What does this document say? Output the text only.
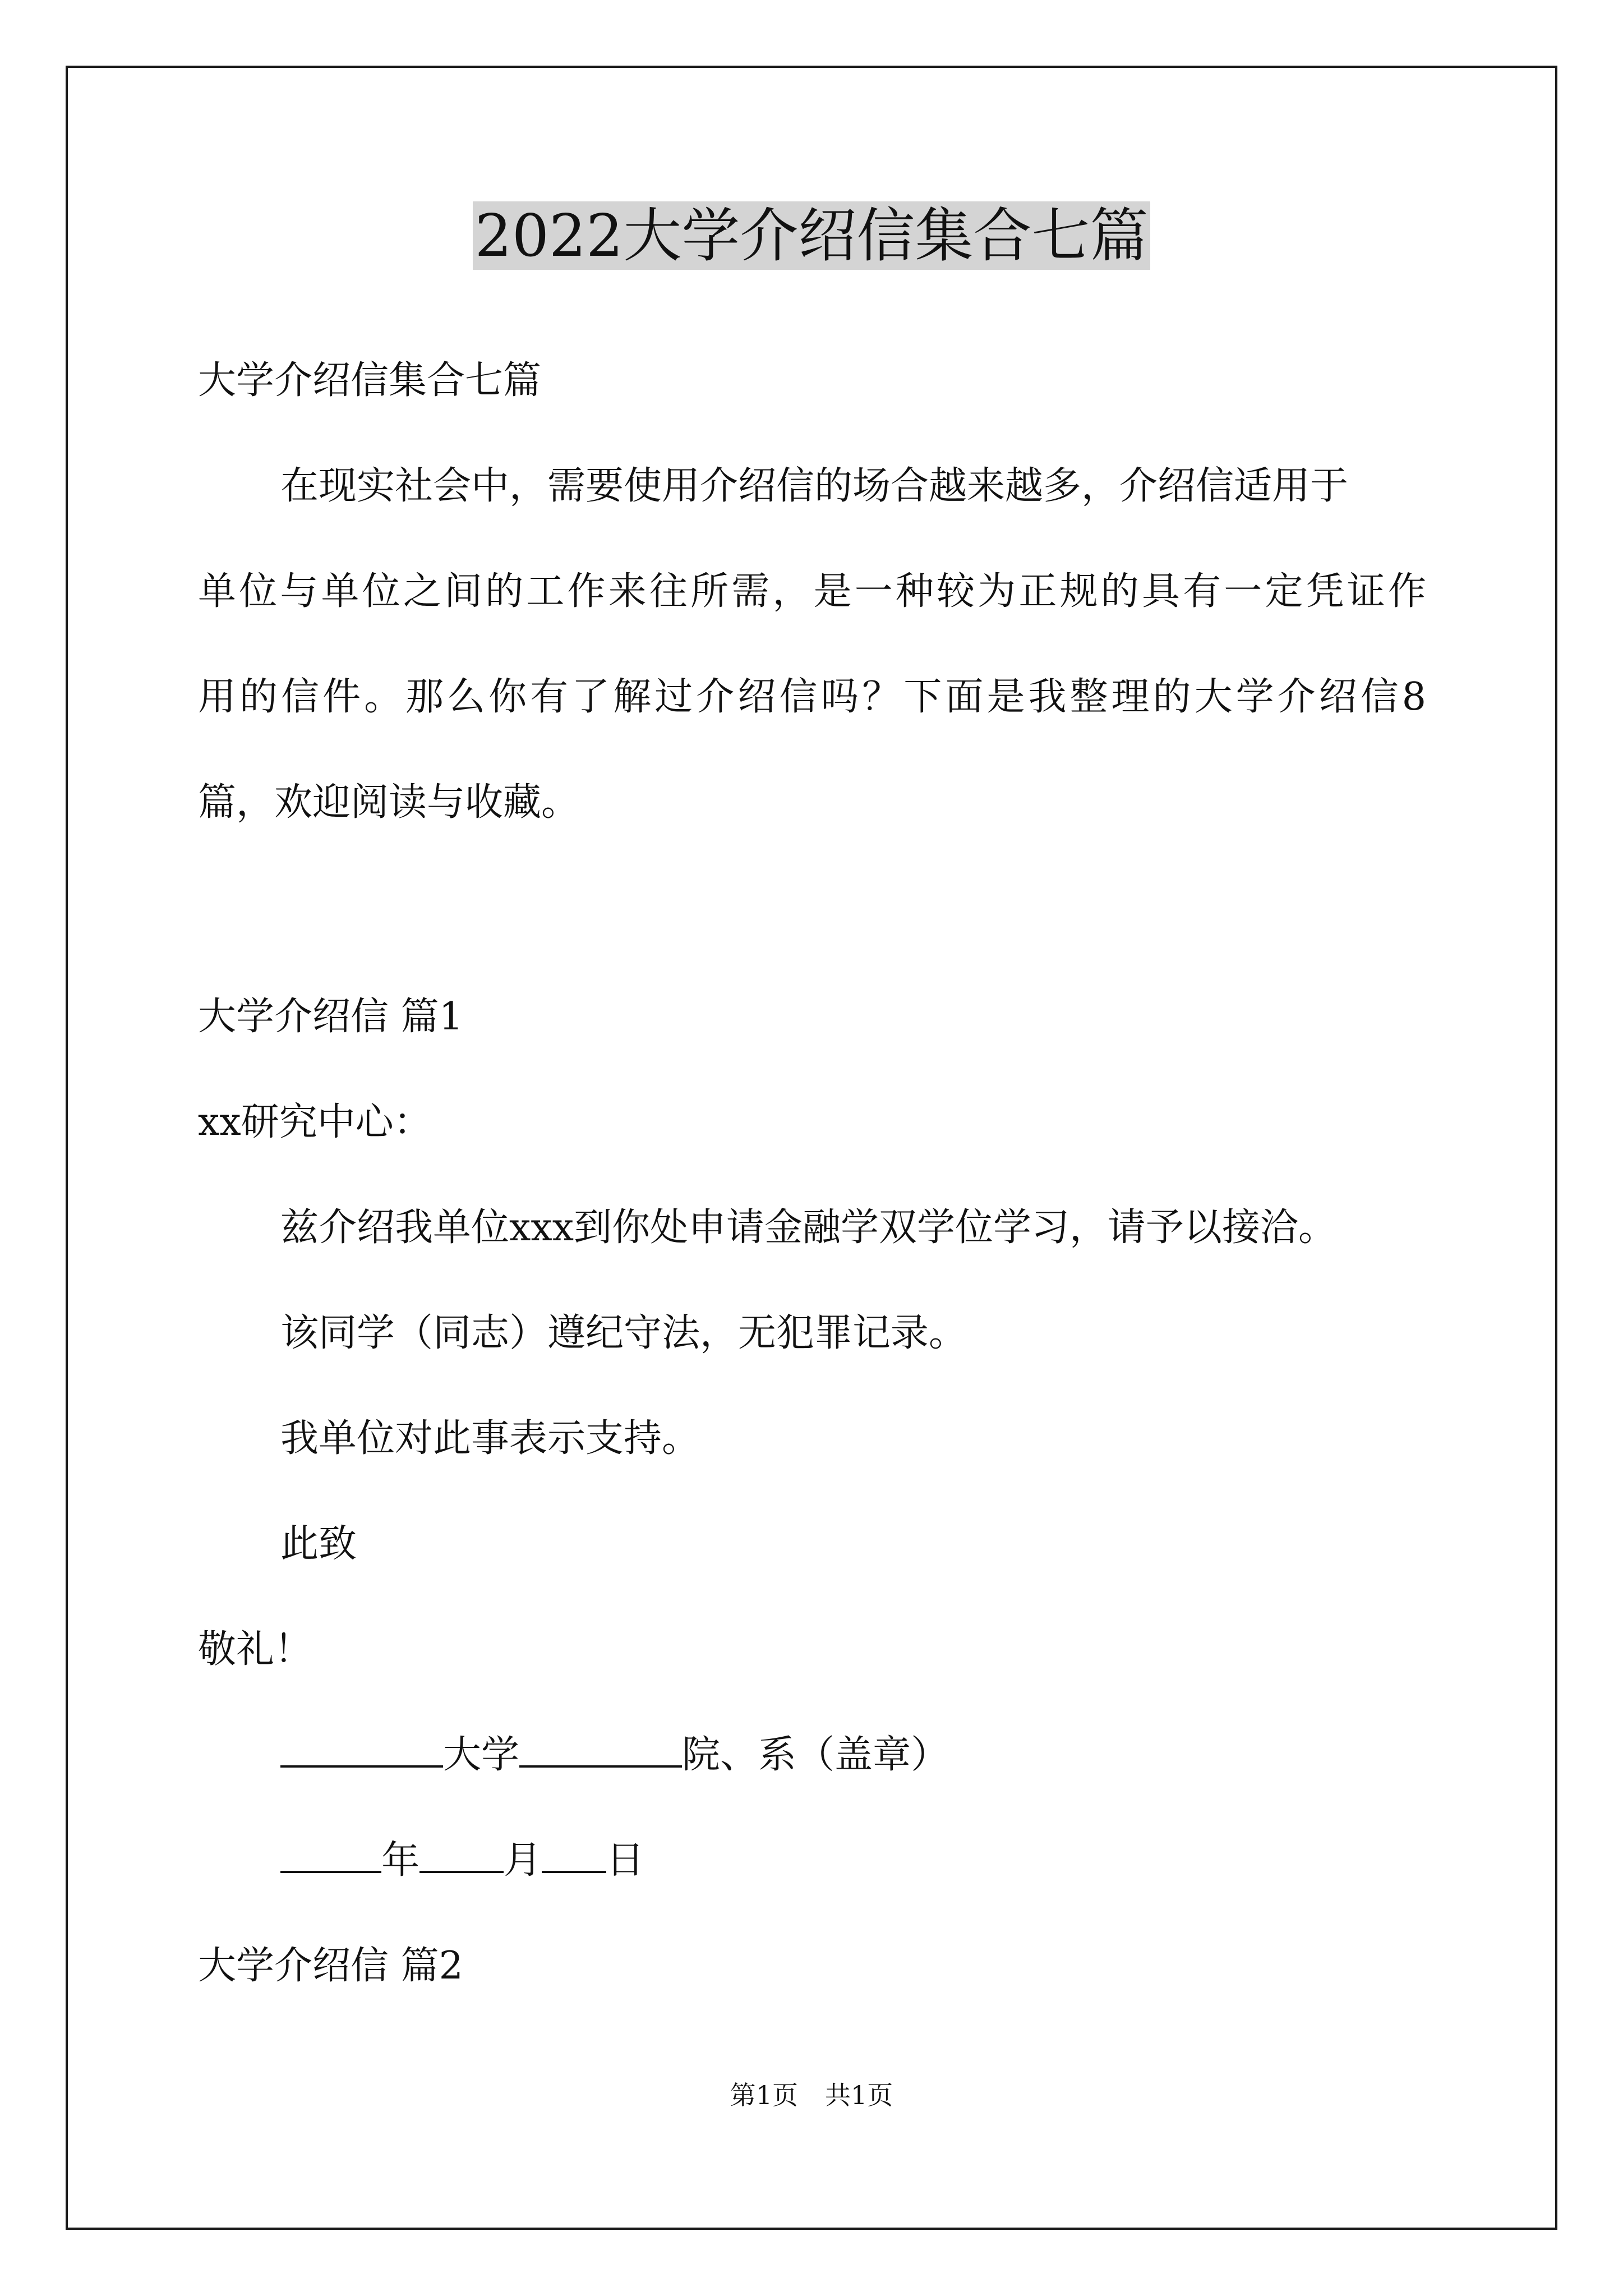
2022大学介绍信集合七篇
大学介绍信集合七篇
在现实社会中，需要使用介绍信的场合越来越多，介绍信适用于
单位与单位之间的工作来往所需，是一种较为正规的具有一定凭证作
用的信件。那么你有了解过介绍信吗？下面是我整理的大学介绍信8
篇，欢迎阅读与收藏。
大学介绍信 篇1
xx研究中心：
兹介绍我单位xxx到你处申请金融学双学位学习，请予以接洽。
该同学（同志）遵纪守法，无犯罪记录。
我单位对此事表示支持。
此致
敬礼！
大学	院、系（盖章）
年 月 日
大学介绍信 篇2
第1页 共1页
